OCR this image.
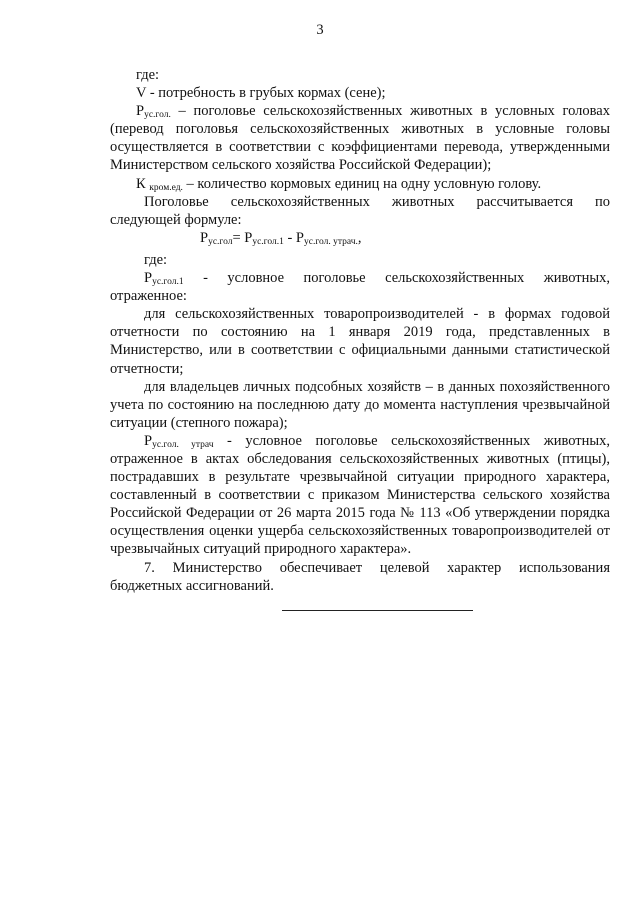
3

где:

V - потребность в грубых кормах (сене);

$P_{ус.гол.}$ – поголовье сельскохозяйственных животных в условных головах (перевод поголовья сельскохозяйственных животных в условные головы осуществляется в соответствии с коэффициентами перевода, утвержденными Министерством сельского хозяйства Российской Федерации);

К $_{кром.ед.}$ – количество кормовых единиц на одну условную голову.

Поголовье сельскохозяйственных животных рассчитывается по

следующей формуле:

$P_{ус.гол}= P_{ус.гол.1} - P_{ус.гол. утрач.}$,

где:

$P_{ус.гол.1}$ - условное поголовье сельскохозяйственных животных,

отраженное:

для сельскохозяйственных товаропроизводителей - в формах годовой отчетности по состоянию на 1 января 2019 года, представленных в Министерство, или в соответствии с официальными данными статистической отчетности;

для владельцев личных подсобных хозяйств – в данных похозяйственного учета по состоянию на последнюю дату до момента наступления чрезвычайной ситуации (степного пожара);

$P_{ус.гол. утрач}$ - условное поголовье сельскохозяйственных животных,

отраженное в актах обследования сельскохозяйственных животных (птицы), пострадавших в результате чрезвычайной ситуации природного характера, составленный в соответствии с приказом Министерства сельского хозяйства Российской Федерации от 26 марта 2015 года № 113 «Об утверждении порядка осуществления оценки ущерба сельскохозяйственных товаропроизводителей от чрезвычайных ситуаций природного характера».

7. Министерство обеспечивает целевой характер использования бюджетных ассигнований.
